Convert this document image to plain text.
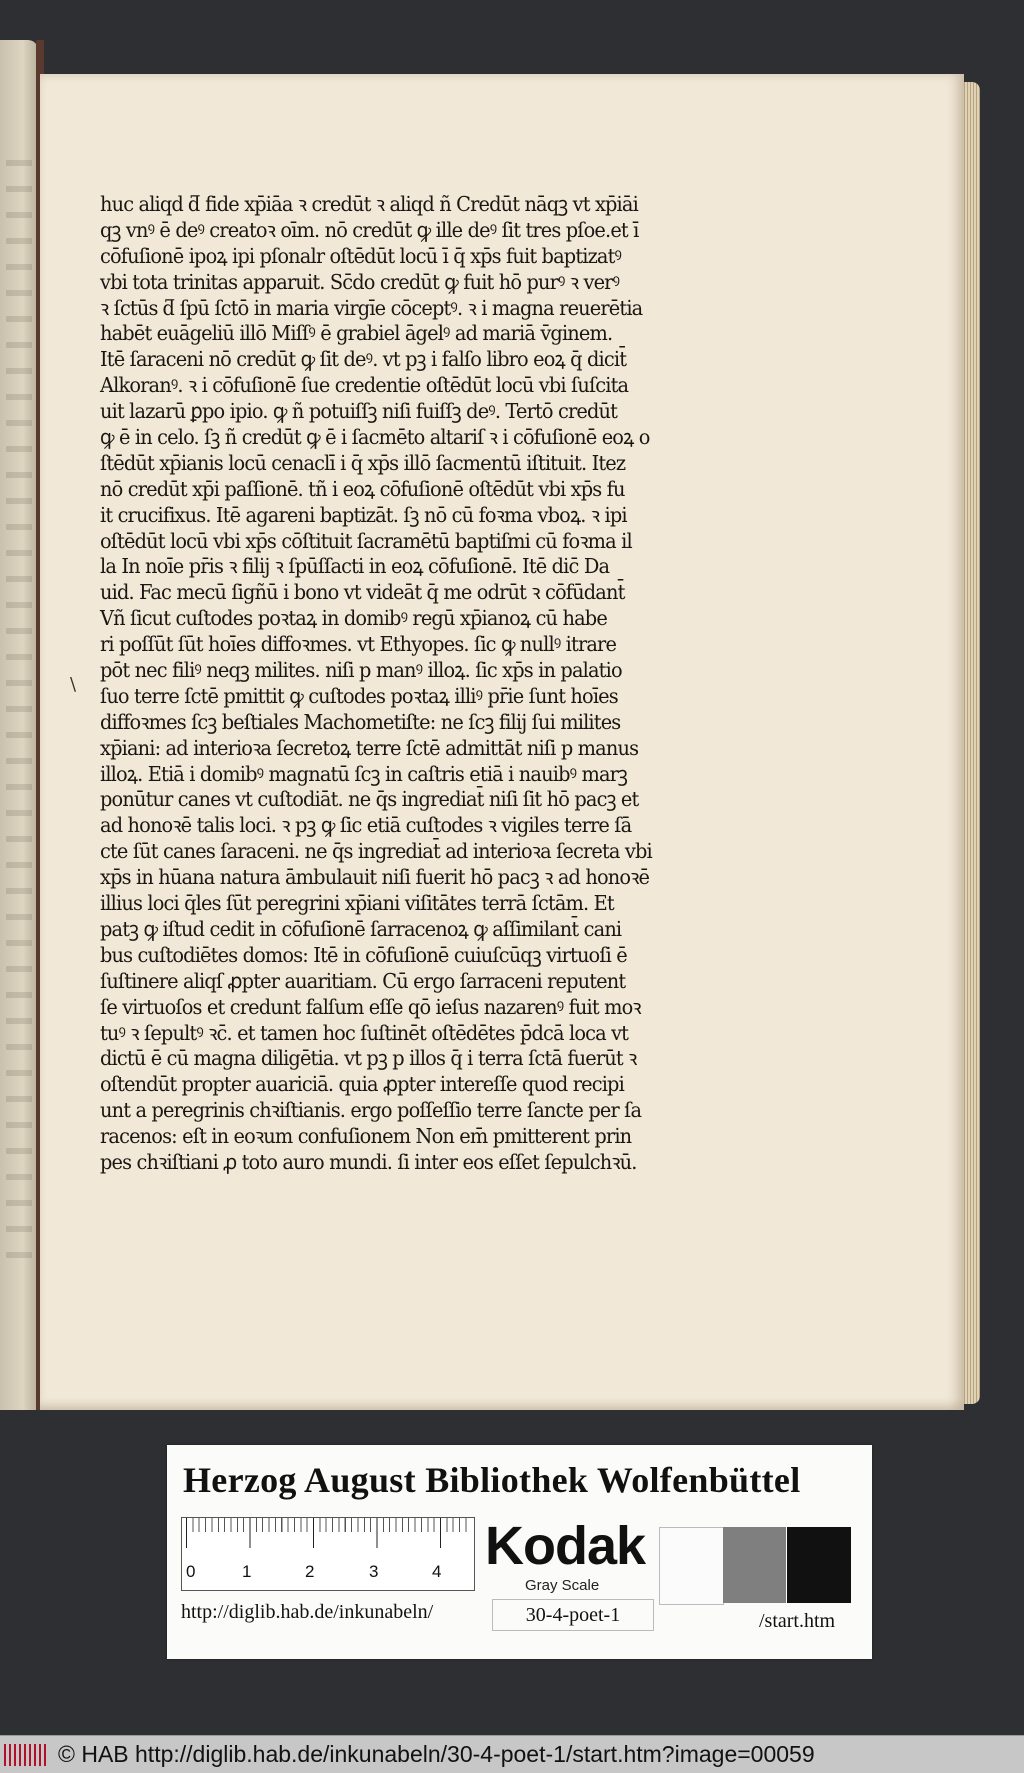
huc aliqd ƌ fide xp̄iāa ꝛ credūt ꝛ aliqd ñ Credūt nāqꝫ vt xp̄iāi
qꝫ vnꝰ ē deꝰ creatoꝛ oīm. nō credūt ꝙ ille deꝰ ſit tres pſoe.et ī
cōfuſionē ipoꝝ ipi pſonalr oſtēdūt locū ī q̄ xp̄s fuit baptizatꝰ
vbi tota trinitas apparuit. Sc̄do credūt ꝙ fuit hō purꝰ ꝛ verꝰ
ꝛ ſctūs ƌ ſpū ſctō in maria virgīe cōceptꝰ. ꝛ i magna reuerētia
habēt euāgeliū illō Miſſꝰ ē grabiel āgelꝰ ad mariā v̄ginem.
Itē ſaraceni nō credūt ꝙ ſit deꝰ. vt pꝫ i falſo libro eoꝝ q̄ dicit̄
Alkoranꝰ. ꝛ i cōfuſionē ſue credentie oſtēdūt locū vbi ſuſcita
uit lazarū ꝑpo ipio. ꝙ ñ potuiſſꝫ niſi fuiſſꝫ deꝰ. Tertō credūt
ꝙ ē in celo. ſꝫ ñ credūt ꝙ ē i ſacmēto altariſ ꝛ i cōfuſionē eoꝝ o
ſtēdūt xp̄ianis locū cenaclī i q̄ xp̄s illō ſacmentū iſtituit. Itez
nō credūt xp̄i paſſionē. tñ i eoꝝ cōfuſionē oſtēdūt vbi xp̄s fu
it crucifixus. Itē agareni baptizāt. ſꝫ nō cū foꝛma vboꝝ. ꝛ ipi
oſtēdūt locū vbi xp̄s cōſtituit ſacramētū baptiſmi cū foꝛma il
la In noīe pr̄is ꝛ filij ꝛ ſpūſſacti in eoꝝ cōfuſionē. Itē dic̄ Da
uid. Fac mecū ſigñū i bono vt videāt q̄ me odrūt ꝛ cōfūdant̄
Vñ ſicut cuſtodes poꝛtaꝝ in domibꝰ regū xp̄ianoꝝ cū habe
ri poſſūt ſūt hoīes diffoꝛmes. vt Ethyopes. ſic ꝙ nullꝰ itrare
pōt nec filiꝰ neqꝫ milites. niſi p manꝰ illoꝝ. ſic xp̄s in palatio
ſuo terre ſctē pmittit ꝙ cuſtodes poꝛtaꝝ illiꝰ pr̄ie ſunt hoīes
diffoꝛmes ſcꝫ beſtiales Machometiſte: ne ſcꝫ filij ſui milites
xp̄iani: ad interioꝛa ſecretoꝝ terre ſctē admittāt niſi p manus
illoꝝ. Etiā i domibꝰ magnatū ſcꝫ in caſtris etiā i nauibꝰ marꝫ
ponūtur canes vt cuſtodiāt. ne q̄s ingrediat̄ niſi ſit hō pacꝫ et
ad honoꝛē talis loci. ꝛ pꝫ ꝙ ſic etiā cuſtodes ꝛ vigiles terre ſā
cte ſūt canes ſaraceni. ne q̄s ingrediat̄ ad interioꝛa ſecreta vbi
xp̄s in hūana natura āmbulauit niſi fuerit hō pacꝫ ꝛ ad honoꝛē
illius loci q̄les ſūt peregrini xp̄iani viſitātes terrā ſctām. Et
patꝫ ꝙ iſtud cedit in cōfuſionē ſarracenoꝝ ꝙ aſſimilant̄ cani
bus cuſtodiētes domos: Itē in cōfuſionē cuiuſcūqꝫ virtuoſi ē
ſuſtinere aliqſ ꝓpter auaritiam. Cū ergo ſarraceni reputent
ſe virtuoſos et credunt falſum eſſe qō ieſus nazarenꝰ fuit moꝛ
tuꝰ ꝛ ſepultꝰ ꝛc̄. et tamen hoc ſuſtinēt oſtēdētes p̄dcā loca vt
dictū ē cū magna diligētia. vt pꝫ p illos q̄ i terra ſctā fuerūt ꝛ
oſtendūt propter auariciā. quia ꝓpter intereſſe quod recipi
unt a peregrinis chꝛiſtianis. ergo poſſeſſio terre ſancte per ſa
racenos: eſt in eoꝛum confuſionem Non em̄ pmitterent prin
pes chꝛiſtiani ꝓ toto auro mundi. ſi inter eos eſſet ſepulchꝛū.
\
Herzog August Bibliothek Wolfenbüttel
0	1	2	3	4 Kodak
Gray Scale
http://diglib.hab.de/inkunabeln/	30-4-poet-1	/start.htm
© HAB http://diglib.hab.de/inkunabeln/30-4-poet-1/start.htm?image=00059
